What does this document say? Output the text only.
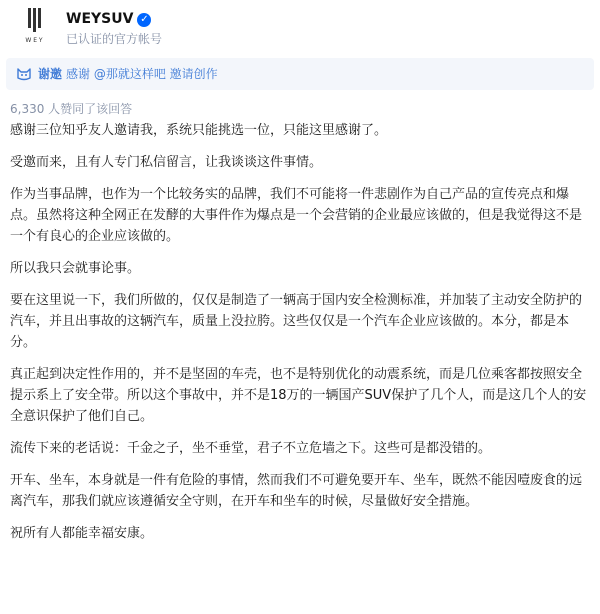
W E Y
WEYSUV ✓
已认证的官方帐号
谢邀 感谢 @那就这样吧 邀请创作
6,330 人赞同了该回答

感谢三位知乎友人邀请我，系统只能挑选一位，只能这里感谢了。

受邀而来，且有人专门私信留言，让我谈谈这件事情。

作为当事品牌，也作为一个比较务实的品牌，我们不可能将一件悲剧作为自己产品的宣传亮点和爆点。虽然将这种全网正在发酵的大事件作为爆点是一个会营销的企业最应该做的，但是我觉得这不是一个有良心的企业应该做的。

所以我只会就事论事。

要在这里说一下，我们所做的，仅仅是制造了一辆高于国内安全检测标准，并加装了主动安全防护的汽车，并且出事故的这辆汽车，质量上没拉胯。这些仅仅是一个汽车企业应该做的。本分，都是本分。

真正起到决定性作用的，并不是坚固的车壳，也不是特别优化的动震系统，而是几位乘客都按照安全提示系上了安全带。所以这个事故中，并不是18万的一辆国产SUV保护了几个人，而是这几个人的安全意识保护了他们自己。

流传下来的老话说：千金之子，坐不垂堂，君子不立危墙之下。这些可是都没错的。

开车、坐车，本身就是一件有危险的事情，然而我们不可避免要开车、坐车，既然不能因噎废食的远离汽车，那我们就应该遵循安全守则，在开车和坐车的时候，尽量做好安全措施。

祝所有人都能幸福安康。
